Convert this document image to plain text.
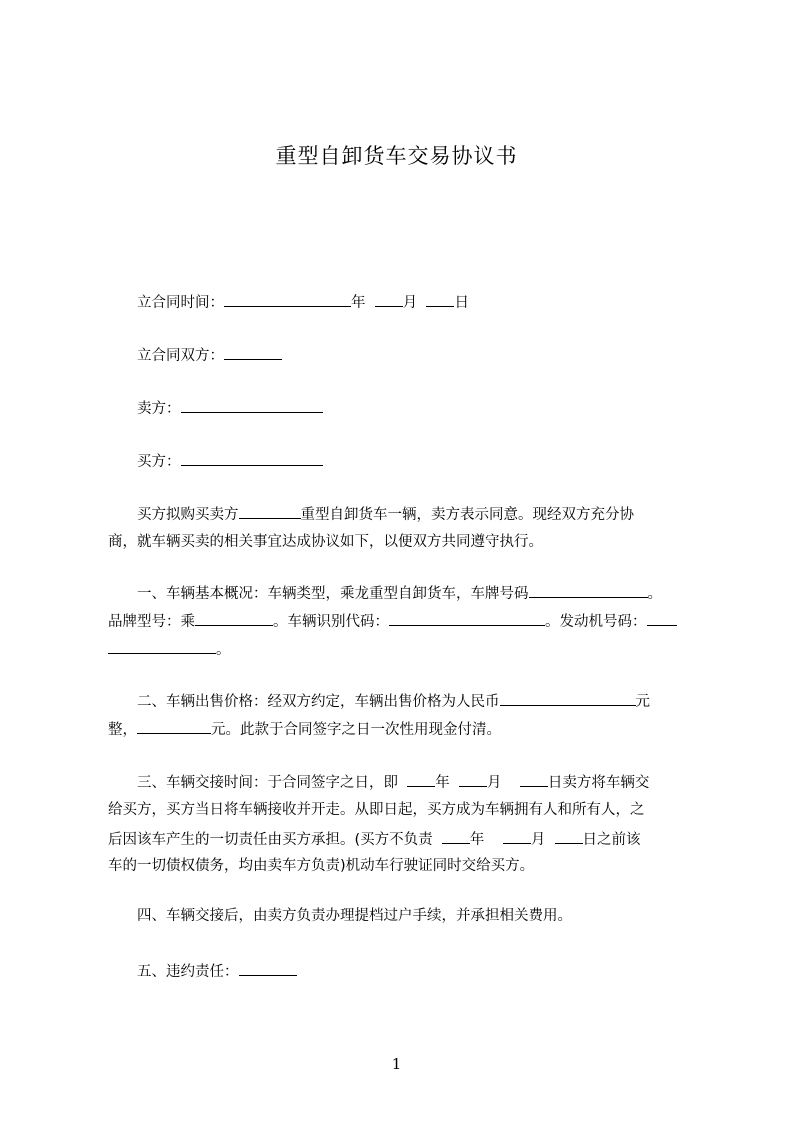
重型自卸货车交易协议书
立合同时间：	年	月	日
立合同双方：
卖方：
买方：
买方拟购买卖方	重型自卸货车一辆，卖方表示同意。现经双方充分协
商，就车辆买卖的相关事宜达成协议如下，以便双方共同遵守执行。
一、车辆基本概况：车辆类型，乘龙重型自卸货车，车牌号码	。
品牌型号：乘	。车辆识别代码：	。发动机号码：
。
二、车辆出售价格：经双方约定，车辆出售价格为人民币	元
整，	元。此款于合同签字之日一次性用现金付清。
三、车辆交接时间：于合同签字之日，即	年	月	日卖方将车辆交
给买方，买方当日将车辆接收并开走。从即日起，买方成为车辆拥有人和所有人，之
后因该车产生的一切责任由买方承担。(买方不负责	年	月	日之前该
车的一切债权债务，均由卖车方负责)机动车行驶证同时交给买方。
四、车辆交接后，由卖方负责办理提档过户手续，并承担相关费用。
五、违约责任：
1
